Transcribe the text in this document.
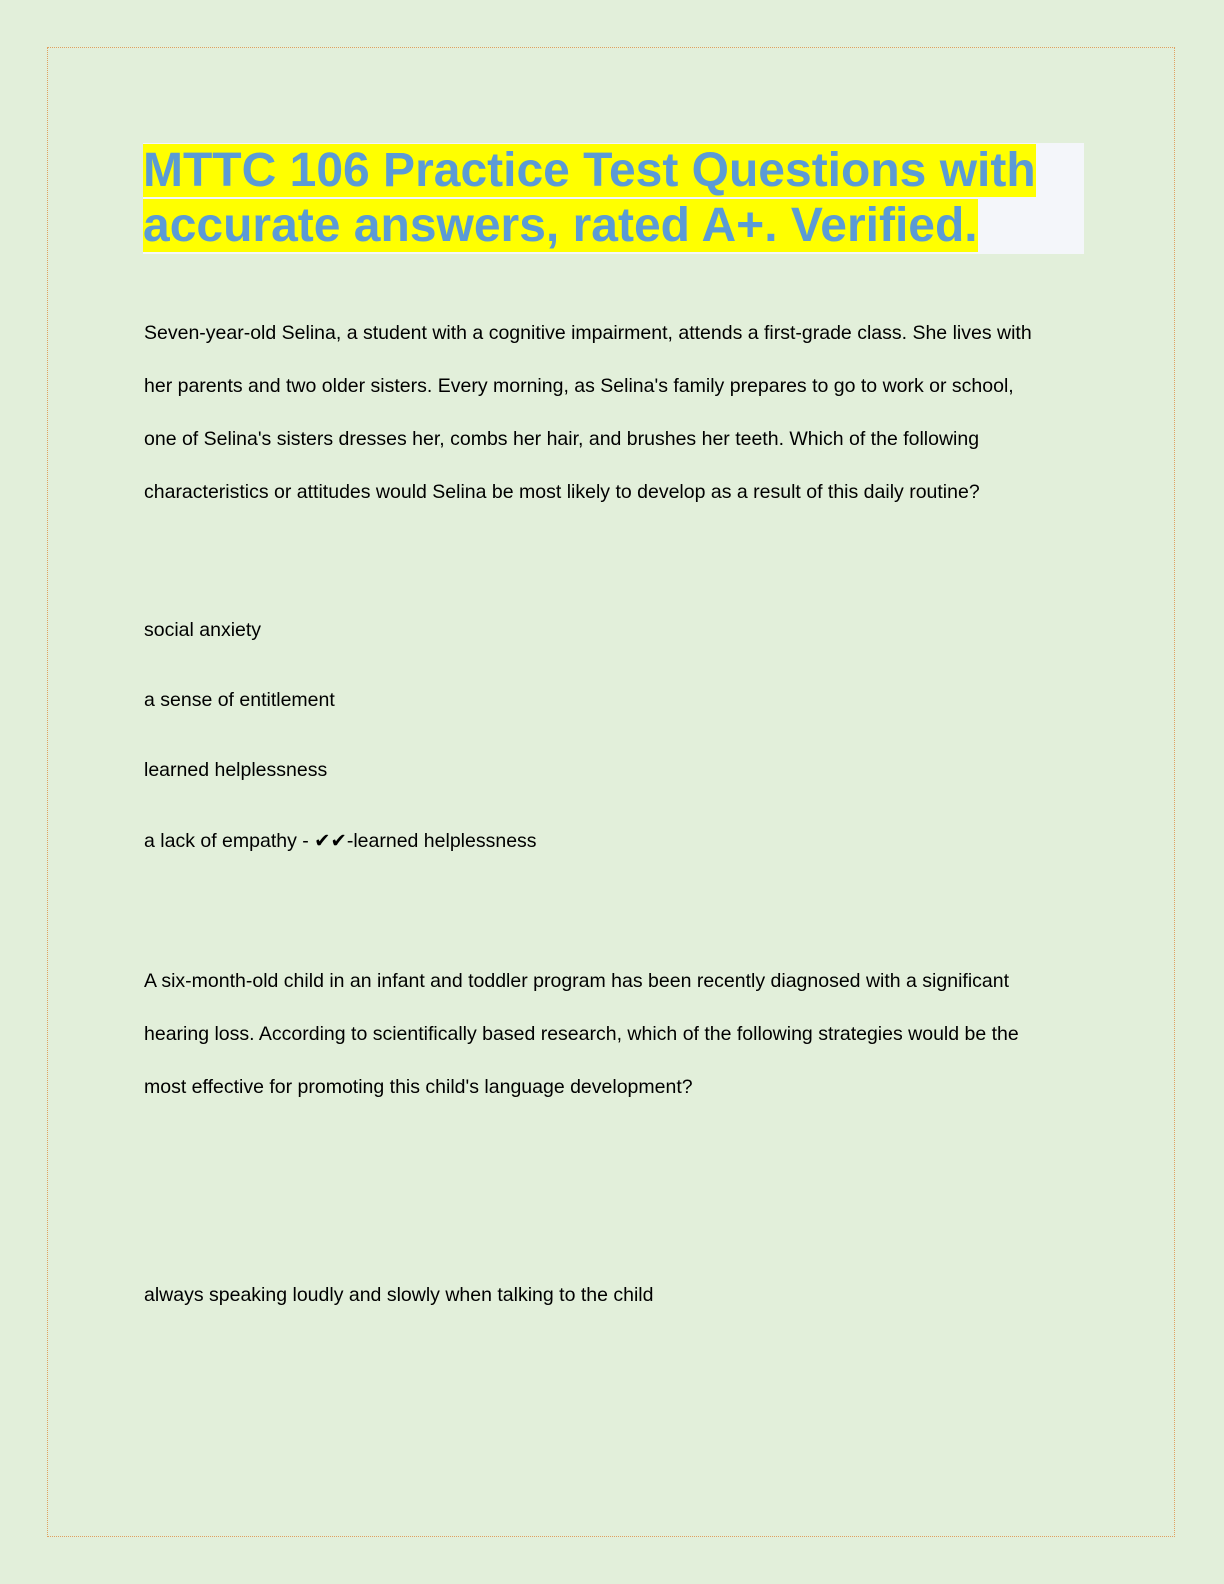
MTTC 106 Practice Test Questions with accurate answers, rated A+. Verified.

Seven-year-old Selina, a student with a cognitive impairment, attends a first-grade class. She lives with

her parents and two older sisters. Every morning, as Selina's family prepares to go to work or school,

one of Selina's sisters dresses her, combs her hair, and brushes her teeth. Which of the following

characteristics or attitudes would Selina be most likely to develop as a result of this daily routine?

social anxiety

a sense of entitlement

learned helplessness

a lack of empathy - ✔✔-learned helplessness

A six-month-old child in an infant and toddler program has been recently diagnosed with a significant

hearing loss. According to scientifically based research, which of the following strategies would be the

most effective for promoting this child's language development?

always speaking loudly and slowly when talking to the child
